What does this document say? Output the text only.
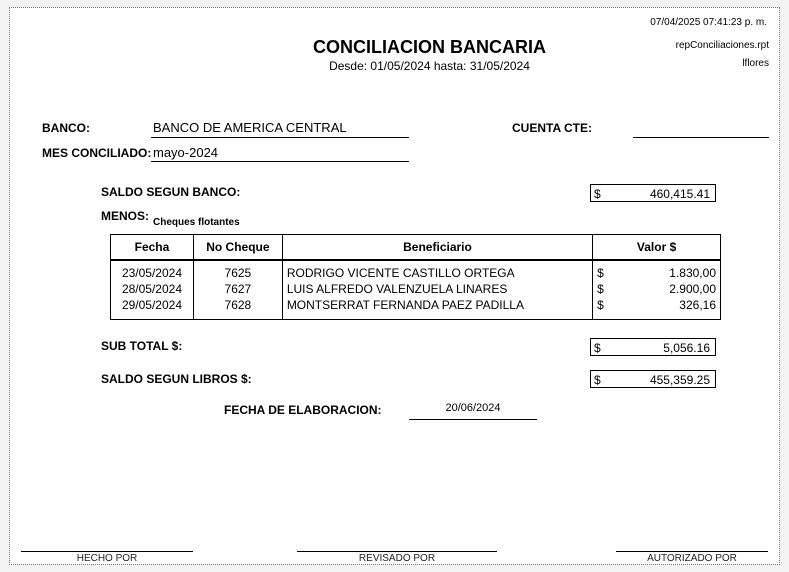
07/04/2025 07:41:23 p. m.
repConciliaciones.rpt
lflores
CONCILIACION BANCARIA
Desde: 01/05/2024 hasta: 31/05/2024
BANCO:	BANCO DE AMERICA CENTRAL	CUENTA CTE:
MES CONCILIADO: mayo-2024
SALDO SEGUN BANCO:	$	460,415.41
MENOS: Cheques flotantes
Fecha	No Cheque	Beneficiario	Valor $
23/05/2024	7625	RODRIGO VICENTE CASTILLO ORTEGA	$ 1.830,00

28/05/2024	7627	LUIS ALFREDO VALENZUELA LINARES	$ 2.900,00

29/05/2024	7628	MONTSERRAT FERNANDA PAEZ PADILLA	$ 326,16
SUB TOTAL $:	$	5,056.16
SALDO SEGUN LIBROS $:	$	455,359.25
FECHA DE ELABORACION:	20/06/2024
HECHO POR	REVISADO POR	AUTORIZADO POR
